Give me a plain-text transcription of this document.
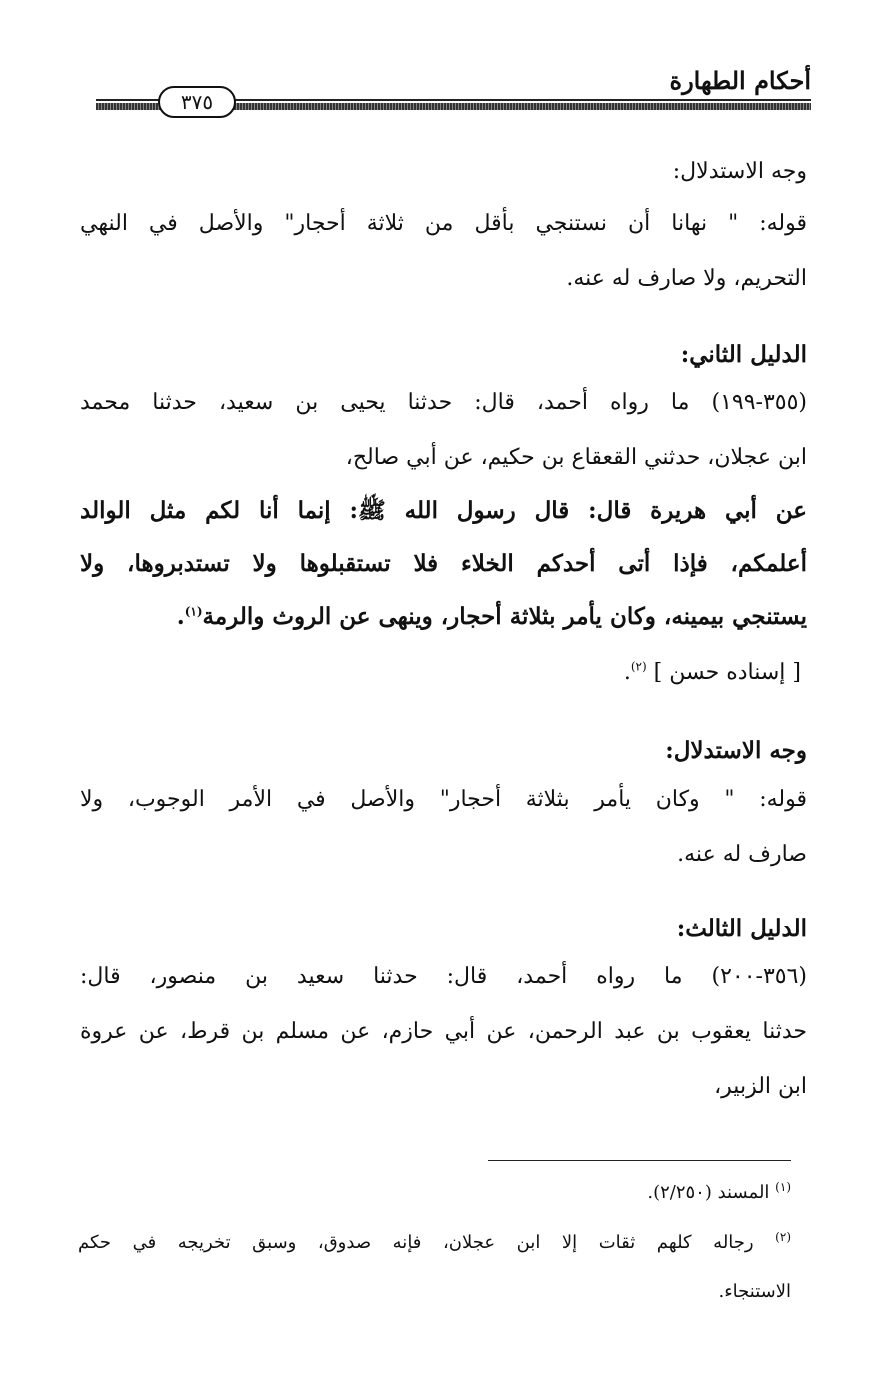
أحكام الطهارة
٣٧٥
وجه الاستدلال:
قوله: " نهانا أن نستنجي بأقل من ثلاثة أحجار" والأصل في النهي
التحريم، ولا صارف له عنه.
الدليل الثاني:
(٣٥٥-١٩٩) ما رواه أحمد، قال: حدثنا يحيى بن سعيد، حدثنا محمد
ابن عجلان، حدثني القعقاع بن حكيم، عن أبي صالح،
عن أبي هريرة قال: قال رسول الله ﷺ: إنما أنا لكم مثل الوالد
أعلمكم، فإذا أتى أحدكم الخلاء فلا تستقبلوها ولا تستدبروها، ولا
يستنجي بيمينه، وكان يأمر بثلاثة أحجار، وينهى عن الروث والرمة$^{(١)}$.
[ إسناده حسن ] $^{(٢)}$.
وجه الاستدلال:
قوله: " وكان يأمر بثلاثة أحجار" والأصل في الأمر الوجوب، ولا
صارف له عنه.
الدليل الثالث:
(٣٥٦-٢٠٠) ما رواه أحمد، قال: حدثنا سعيد بن منصور، قال:
حدثنا يعقوب بن عبد الرحمن، عن أبي حازم، عن مسلم بن قرط، عن عروة
ابن الزبير،
$^{(١)}$ المسند (٢/٢٥٠).
$^{(٢)}$ رجاله كلهم ثقات إلا ابن عجلان، فإنه صدوق، وسبق تخريجه في حكم
الاستنجاء.
